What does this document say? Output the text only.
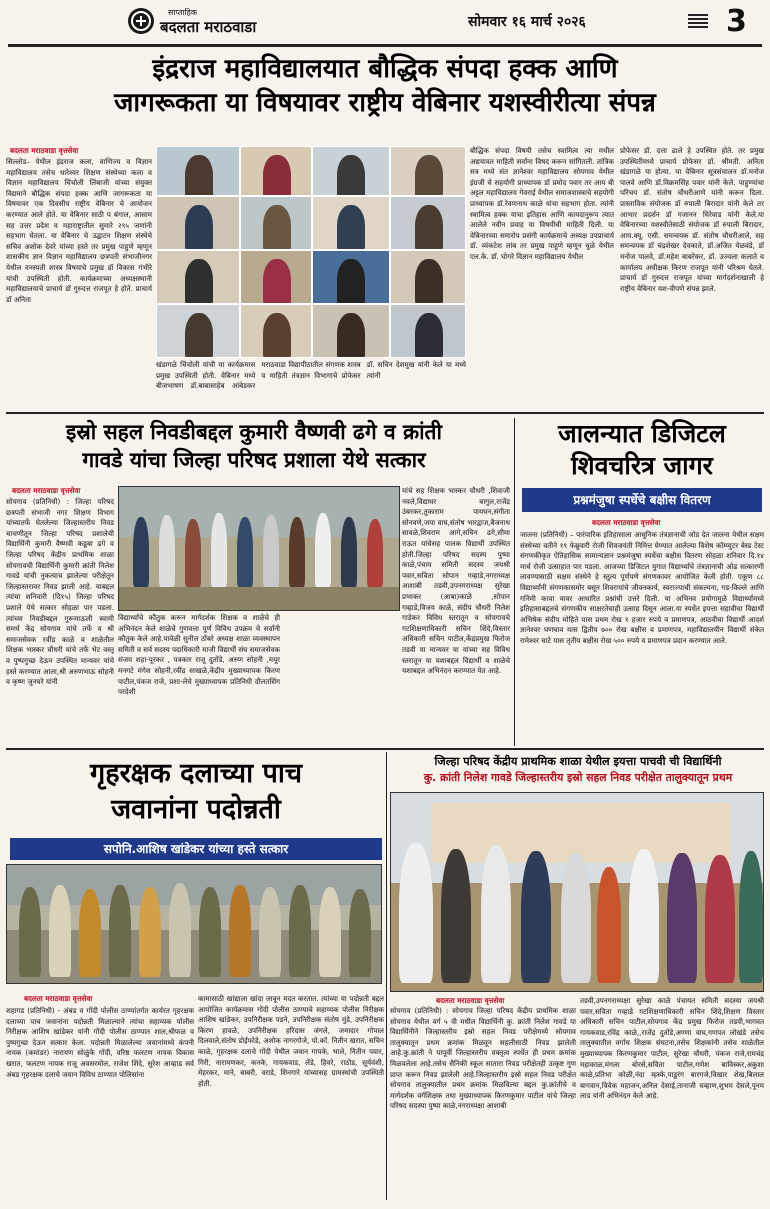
साप्ताहिक
बदलता मराठवाडा	सोमवार १६ मार्च २०२६	3
इंद्रराज महाविद्यालयात बौद्धिक संपदा हक्क आणि
जागरूकता या विषयावर राष्ट्रीय वेबिनार यशस्वीरीत्या संपन्न
बदलता मराठवाडा वृत्तसेवा
सिल्लोड– येथील इंद्रराज कला, वाणिज्य व विज्ञान महाविद्यालय तसेच धारेश्वर शिक्षण संस्थेच्या कला व विज्ञान महाविद्यालय चिंचोली लिंबाजी यांच्या संयुक्त विद्यमाने बौद्धिक संपदा हक्क आणि जागरूकता या विषयावर एक दिवसीय राष्ट्रीय वेबिनार चे आयोजन करण्यात आले होते. या वेबिनार साठी प बंगाल, आसाम सह उत्तर प्रदेश व महाराष्ट्रातील सुमारे २९५ जणांनी सहभाग घेतला. या वेबिनार चे उद्घाटन शिक्षण संस्थेचे सचिव अशोक देवरे यांच्या हस्ते तर प्रमुख पाहुणे म्हणून शासकीय ज्ञान विज्ञान महाविद्यालय छत्रपती संभाजीनगर येथील वनस्पती शास्त्र विषयाचे प्रमुख डॉ विकास गंभीरे यांची उपस्थिती होती. कार्यक्रमाच्या अध्यक्षस्थानी महाविद्यालयाचे प्राचार्य डॉ गुरुदत्त राजपूत हे होते. प्राचार्य डॉ अनिता
खंडागळे चिंचोली यांची या कार्यक्रमास प्रमुख उपस्थिती होती. वेबिनार मध्ये बीजभाषण डॉ.बाबासाहेब आंबेडकर मराठवाडा विद्यापीठातील संगणक शास्त्र व माहिती तंत्रज्ञान विभागाचे प्रोफेसर डॉ. सचिन देशमुख यांनी केले या मध्ये त्यांनी
बौद्धिक संपदा विषयी तसेच स्वामित्व त्या मधील अद्ययावत माहिती सर्वांना विषद करून सांगितली. तांत्रिक सत्र मध्ये संत ज्ञानेश्वर महाविद्यालय सोयगाव येथील इंग्रजी चे सहयोगी प्राध्यापक डॉ प्रमोद पवार तर आय बी अट्टल महाविद्यालय गेवराई येथील समाजशास्त्राचे सहयोगी प्राध्यापक डॉ.रेवणनाथ काळे यांचा सहभाग होता. त्यांनी स्वामित्व हक्क याचा इतिहास आणि कायदानुरूप त्यात आलेले नवीन प्रवाह या विषयीची माहिती दिली. या वेबिनारच्या समारोप प्रसंगी कार्यक्रमाचे अध्यक्ष उपप्राचार्य डॉ. व्यंकटेश लांब तर प्रमुख पाहुणे म्हणून धुळे येथील एल.के. डॉ. घोगरे विज्ञान महाविद्यालय येथील
प्रोफेसर डॉ. दत्ता ढाले हे उपस्थित होते. तर प्रमुख उपस्थितीमध्ये प्राचार्य प्रोफेसर डॉ. श्रीमती. अनिता खंडागळे या होत्या. या वेबिनार सूत्रसंचालन डॉ.मनोज पालवे आणि डॉ.विक्रमसिंह पवार यांनी केले. पाहुण्यांचा परिचय डॉ. संतोष चौधरीआणे यांनी करून दिला. प्रास्ताविक संयोजक डॉ रुपाली बिरादार यांनी केले तर आभार प्रदर्शन डॉ गजानन घिरेवाड यांनी केले.या वेबिनारच्या यशस्वीतेसाठी संयोजक डॉ रुपाली बिरादार, आय.क्यू. एसी. समन्वयक डॉ. संतोष चौधरीआले, सह समन्वयक डॉ चंद्रशेखर देवकाते, डॉ.अजित येळवंडे, डॉ मनोज पालवे, डॉ.महेश बाबरेकर, डॉ. उज्वला कलाते व कार्यालय अधीक्षक किरण राजपूत यांनी परिश्रम घेतले. प्राचार्य डॉ गुरुदत्त राजपूत यांच्या मार्गदर्शनाखाली हे राष्ट्रीय वेबिनार यश-वीपणे संपन्न झाले.
इस्रो सहल निवडीबद्दल कुमारी वैष्णवी ढगे व क्रांती
गावडे यांचा जिल्हा परिषद प्रशाला येथे सत्कार
बदलता मराठवाडा वृत्तसेवा
सोयगाव (प्रतिनिधी) : जिल्हा परिषद छत्रपती संभाजी नगर शिक्षण विभाग यांच्यातर्फे घेतलेल्या जिल्हास्तरीय निवड चाचणीतून जिल्हा परिषद प्रशालेची विद्यार्थिनी कुमारी वैष्णवी कडूबा ढगे व जिल्हा परिषद केंद्रीय प्राथमिक शाळा सोयगावची विद्यार्थिनी कुमारी क्रांती निलेश गावडे यांची नुकत्याच झालेल्या परीक्षेतून जिल्हास्तरावर निवड झाली आहे. याबद्दल त्यांचा शनिवारी (दि१५) जिल्हा परिषद प्रशाले येथे सत्कार सोहळा पार पडला. त्यांच्या निवडीबद्दल गुरूमाऊली स्वामी समर्थ केंद्र सोयगाव यांचे तर्फे व श्री समाजसेवक रवींद्र काळे व शाळेतील शिक्षक भास्कर चौधरी यांचे तर्फे भेट वस्तू व पुष्पगुच्छ देऊन उपस्थित मान्यवर यांचे हस्ते करण्यात आला,श्री अरुणभाऊ सोहनी व कृष्ण जुनघरे यांनी
विद्यार्थ्यांचे कौतुक करून मार्गदर्शक शिक्षक व शाळेचे ही अभिनंदन केले शाळेचे गुणवत्ता पूर्ण विविध उपक्रम चे सर्वांनी कौतुक केले आहे.यावेळी सुनील ठोंबरे अध्यक्ष शाळा व्यवस्थापन समिती व सर्व सदस्य पदाधिकारी माजी विद्यार्थी संघ समाजसेवक संजय शहा-पूरकर , पत्रकार राजू दुतोंडे, अरुण सोहनी ,मयूर मनगटे मंगेश सोहनी,रवींद्र साखळे,केंद्रीय मुख्याध्यापक किरण पाटील,पंकज राजे, प्रशा-लेचे मुख्याध्यापक प्रतिनिधी दौलतसिंग परदेशी
यांचे सह शिक्षक भास्कर चौधरी ,शिवाजी नवले,विद्याधर बागुल,राजेंद्र उंबरकर,तुकाराम पायघन,संगीता सोनवणे,जया वाघ,संतोष भारद्वाज,बैजनाथ सावळे,शिवराम आगे,सचिन ढगे,सीमा राऊत यांचेसह पालक विद्यार्थी उपस्थित होती.जिल्हा परिषद सदस्य पुष्पा काळे,पंचाय समिती सदस्य जयश्री पवार,सविता सोपान गव्हाडे,नगराध्यक्ष आशाबी तडवी,उपनगराध्यक्ष सुरेखा प्रभाकर (आबा)काळे ,सोपान गव्हाडे,विजय काळे, संदीप चौधरी निलेश गाडेकर विविध स्तरातून व सोयगावचे गटशिक्षणाधिकारी सचिन शिंदे,विस्तार अधिकारी सचिन पाटील,केंद्रप्रमुख फिरोज तडवी या मान्यवर या यांच्या सह विविध स्तरातून या यशाबद्दल विद्यार्थी व शाळेचे यशाबद्दल अभिनंदन करण्यात येत आहे.
जालन्यात डिजिटल
शिवचरित्र जागर
प्रश्नमंजुषा स्पर्धेचे बक्षीस वितरण
बदलता मराठवाडा वृत्तसेवा
जालना (प्रतिनिधी) – पारंपारिक इतिहासाला आधुनिक तंत्रज्ञानाची जोड देत जालना येथील सक्षम संस्थेच्या वतीने १९ फेब्रुवारी रोजी शिवजयंती निमित्त घेण्यात आलेल्या विशेष कॉम्प्युटर बेस्ड टेस्ट संगणकीकृत ऐतिहासिक सामान्यज्ञान प्रश्नमंजुषा स्पर्धेचा बक्षीस वितरण सोहळा शनिवार दि.१४ मार्च रोजी उत्साहात पार पडला. आजच्या डिजिटल युगात विद्यार्थ्यांचे तंत्रज्ञानाची ओढ सत्कारणी लावण्यासाठी सक्षम संस्थेने हे स्तुत्य पूर्णपणे संगणकावर आयोजित केली होती. एकूण ८८ विद्यार्थ्यांनी संगणकासमोर बसून शिवरायांचे जीवनकार्य, स्वराज्याची संकल्पना, गड-किल्ले आणि गनिमी कावा यावर आधारित प्रश्नांची उत्तरे दिली. या अभिनव प्रयोगामुळे विद्यार्थ्यांमध्ये इतिहासाबद्दलचे संगणकीय साक्षरतेचाही उत्साह दिसून आला.या स्पर्धेत इयत्ता सहावीचा विद्यार्थी अभिषेक संदीप मोहिते यास प्रथम रोख १ हजार रुपये व प्रमाणपत्र, आठवीचा विद्यार्थी आदर्श ज्ञानेश्वर घणघाव यास द्वितीय ७०० रोख बक्षीस व प्रमाणपत्र, महाविद्यालयीन विद्यार्थी संकेत रामेश्वर चाटे यास तृतीय बक्षीस रोख ५०० रुपये व प्रमाणपत्र प्रदान करण्यात आले.
गृहरक्षक दलाच्या पाच
जवानांना पदोन्नती
सपोनि.आशिष खांडेकर यांच्या हस्ते सत्कार
बदलता मराठवाडा वृत्तसेवा
शहागड (प्रतिनिधी) - अंबड व गोंदी पोलीस ठाण्यांतर्गत कार्यरत गृहरक्षक दलाच्या पाच जवानांना पदोन्नती मिळाल्याने त्यांचा सहाय्यक पोलीस निरीक्षक आशिष खांडेकर यांनी गोंदी पोलीस ठाण्यात शाल,श्रीफळ व पुष्पगुच्छ देऊन सत्कार केला. पदोन्नती मिळालेल्या जवानांमध्ये कंपनी नायक (कमांडर) नारायण सोळुंके गोंदी, वरिष्ठ फलटण नायक विकास खरात, फलटण नायक राजू अवसरमोल, राजेश शिंदे, सुरेश आव्हाड सर्व अंबड गृहरक्षक दलाचे जवान विविध ठाण्यात पोलिसांना
कामासाठी खांद्याला खांदा लावून मदत करतात. त्यांच्या या पदोन्नती बद्दल आयोजित कार्यक्रमास गोंदी पोलीस ठाण्याचे सहाय्यक पोलीस निरीक्षक आशिष खांडेकर, उपनिरीक्षक पडने, उपनिरीक्षक संतोष मुंडे, उपनिरीक्षक किरण हावळे, उपनिरीक्षक हरिदास जंगले, जमादार गोपाल दिलवाले,संतोष डोईफोडे, अशोक नागरगोजे, पो.कॉ. नितीन खरात, सचिन काळे, गृहरक्षक दलाचे गोंदी येथील जवान गायके, भाले, नितीन पवार, गिरी, नारायणकर, कनके, गायकवाड, लेंडे, हिवरे, राठोड, सूर्यवंशी, मेहरकर, माने, बाबरी, वराडे, शिनगारे यांच्यासह ग्रामस्थांची उपस्थिती होती.
जिल्हा परिषद केंद्रीय प्राथमिक शाळा येथील इयत्ता पाचवी ची विद्यार्थिनी
कु. क्रांती निलेश गावडे जिल्हास्तरीय इस्रो सहल निवड परीक्षेत तालुक्यातून प्रथम
बदलता मराठवाडा वृत्तसेवा
सोयगाव (प्रतिनिधी) : सोयगाव जिल्हा परिषद केंद्रीय प्राथमिक शाळा सोयगाव येथील वर्ग ५ वी मधील विद्यार्थिनी कु. क्रांती निलेश गावडे या विद्यार्थिनीने जिल्हास्तरीय इस्रो सहल निवड परीक्षेमध्ये सोयगाव तालुक्यातून प्रथम क्रमांक मिळवून सहलीसाठी निवड झालेली आहे.कु.क्रांती ने यापूर्वी जिल्हास्तरीय वक्तृत्व स्पर्धेत ही प्रथम क्रमांक मिळवलेला आहे.तसेच सैनिकी स्कूल सातारा निवड परीक्षेतही उत्कृष्ट गुण प्राप्त करून निवड झालेली आहे.जिल्हास्तरीय इस्रो सहल निवड परीक्षेत सोयगाव तालुक्यातील प्रथम क्रमांक मिळविल्या बद्दल कु.क्रांतीचे व मार्गदर्शक वर्गशिक्षक तथा मुख्याध्यापक किरणकुमार पाटील यांचे जिल्हा परिषद सदस्या पुष्पा काळे,नगराध्यक्षा आशाबी
तडवी,उपनगराध्यक्षा सुरेखा काळे पंचायत समिती सदस्या जयश्री पवार,सविता गव्हाडे गटशिक्षणाधिकारी सचिन शिंदे,शिक्षण विस्तार अधिकारी सचिन पाटील,सोयगाव केंद्र प्रमुख फिरोज तडवी,भागवत गायकवाड,रविंद्र काळे,,राजेंद्र दुतोंडे,अण्णा वाघ,गणपत लोखंडे तसेच तालुक्यातील वर्गाच शिक्षक संघटना,तसेच शिक्षकांनी तसेच शाळेतील मुख्याध्यापक किरणकुमार पाटील, सुरेखा चौधरी, पंकज राजे,रामचंद्र महाकाळ,मंगला बोरसे,सविता पाटील,गणेश बाविस्कर,अकुशा काळे,प्रतिभा कोळी,नंदा म्हस्के,पाडुरंग बारगजे,विखार शेख,बिलाल बागवान,विवेक महाजन,अनिल देसाई,तानाजी चव्हाण,शुभम देसले,पूनम लाड यांनी अभिनंदन केले आहे.
